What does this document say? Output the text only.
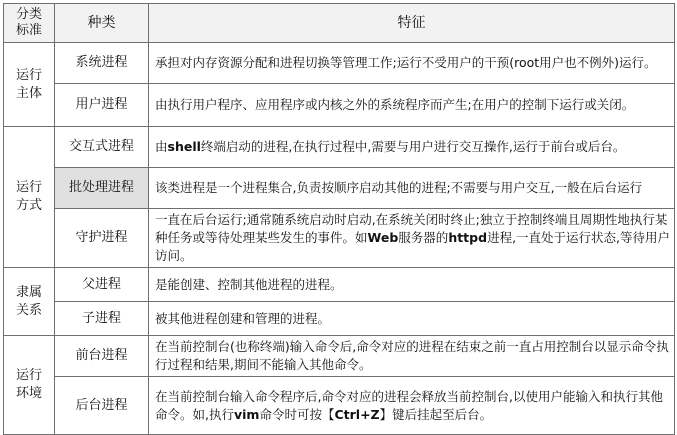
分类
标准	种类	特征
运行
主体	系统进程	承担对内存资源分配和进程切换等管理工作;运行不受用户的干预(root用户也不例外)运行。
	用户进程	由执行用户程序、应用程序或内核之外的系统程序而产生;在用户的控制下运行或关闭。
运行
方式	交互式进程	由shell终端启动的进程,在执行过程中,需要与用户进行交互操作,运行于前台或后台。
	批处理进程	该类进程是一个进程集合,负责按顺序启动其他的进程;不需要与用户交互,一般在后台运行
	守护进程	一直在后台运行;通常随系统启动时启动,在系统关闭时终止;独立于控制终端且周期性地执行某种任务或等待处理某些发生的事件。如Web服务器的httpd进程,一直处于运行状态,等待用户访问。
隶属
关系	父进程	是能创建、控制其他进程的进程。
	子进程	被其他进程创建和管理的进程。
运行
环境	前台进程	在当前控制台(也称终端)输入命令后,命令对应的进程在结束之前一直占用控制台以显示命令执行过程和结果,期间不能输入其他命令。
	后台进程	在当前控制台输入命令程序后,命令对应的进程会释放当前控制台,以使用户能输入和执行其他命令。如,执行vim命令时可按【Ctrl+Z】键后挂起至后台。
